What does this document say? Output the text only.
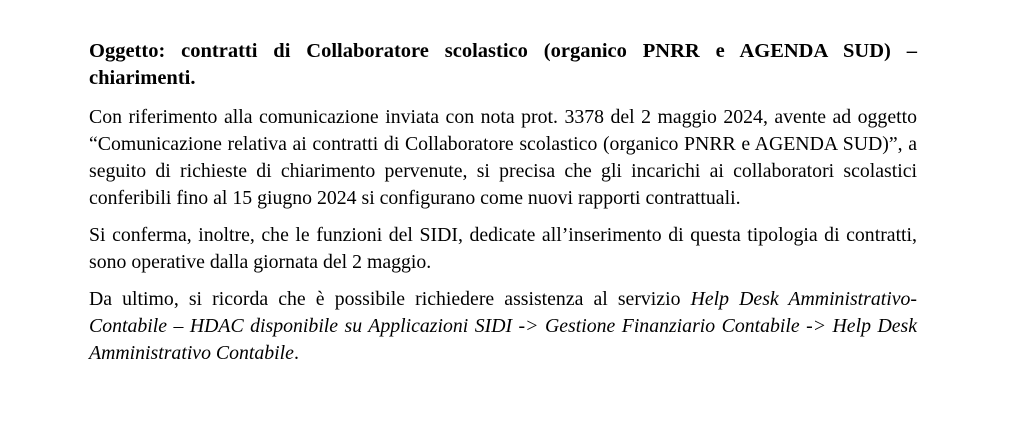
Oggetto: contratti di Collaboratore scolastico (organico PNRR e AGENDA SUD) – chiarimenti.

Con riferimento alla comunicazione inviata con nota prot. 3378 del 2 maggio 2024, avente ad oggetto “Comunicazione relativa ai contratti di Collaboratore scolastico (organico PNRR e AGENDA SUD)”, a seguito di richieste di chiarimento pervenute, si precisa che gli incarichi ai collaboratori scolastici conferibili fino al 15 giugno 2024 si configurano come nuovi rapporti contrattuali.

Si conferma, inoltre, che le funzioni del SIDI, dedicate all’inserimento di questa tipologia di contratti, sono operative dalla giornata del 2 maggio.

Da ultimo, si ricorda che è possibile richiedere assistenza al servizio Help Desk Amministrativo-Contabile – HDAC disponibile su Applicazioni SIDI -> Gestione Finanziario Contabile -> Help Desk Amministrativo Contabile.
